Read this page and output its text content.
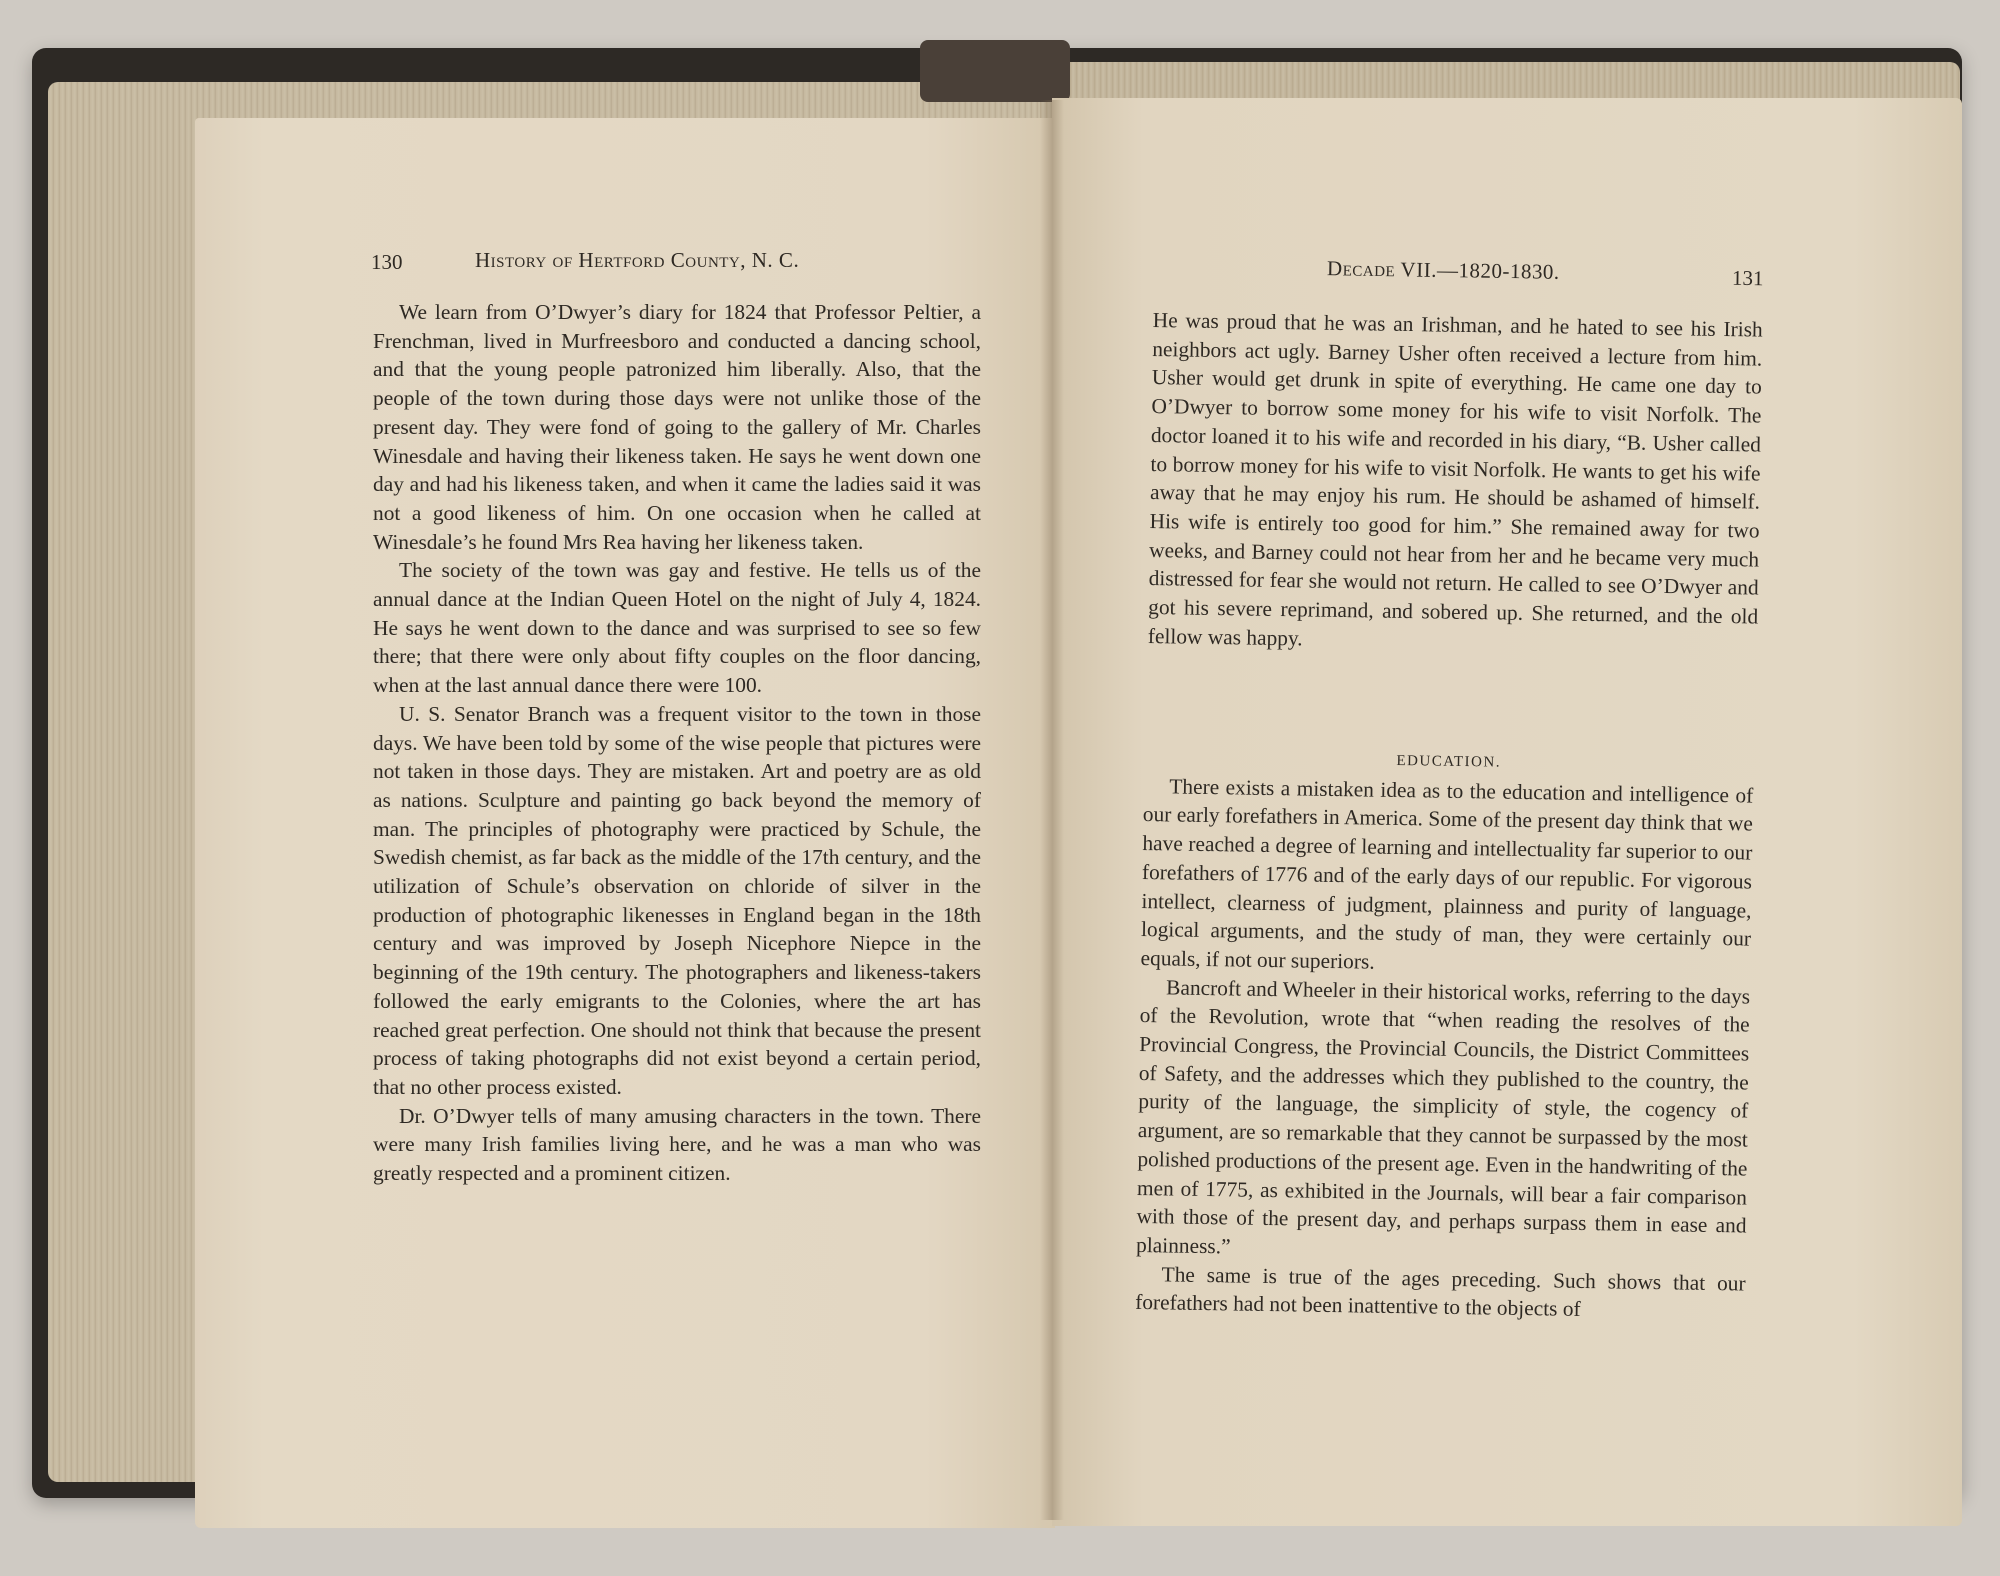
130	History of Hertford County, N. C.

We learn from O’Dwyer’s diary for 1824 that Professor Peltier, a Frenchman, lived in Murfreesboro and conducted a dancing school, and that the young people patronized him liberally. Also, that the people of the town during those days were not unlike those of the present day. They were fond of going to the gallery of Mr. Charles Winesdale and having their likeness taken. He says he went down one day and had his likeness taken, and when it came the ladies said it was not a good likeness of him. On one occasion when he called at Winesdale’s he found Mrs Rea having her likeness taken.

The society of the town was gay and festive. He tells us of the annual dance at the Indian Queen Hotel on the night of July 4, 1824. He says he went down to the dance and was surprised to see so few there; that there were only about fifty couples on the floor dancing, when at the last annual dance there were 100.

U. S. Senator Branch was a frequent visitor to the town in those days. We have been told by some of the wise people that pictures were not taken in those days. They are mistaken. Art and poetry are as old as nations. Sculpture and painting go back beyond the memory of man. The principles of photography were practiced by Schule, the Swedish chemist, as far back as the middle of the 17th century, and the utilization of Schule’s observation on chloride of silver in the production of photographic likenesses in England began in the 18th century and was improved by Joseph Nicephore Niepce in the beginning of the 19th century. The photographers and likeness-takers followed the early emigrants to the Colonies, where the art has reached great perfection. One should not think that because the present process of taking photographs did not exist beyond a certain period, that no other process existed.

Dr. O’Dwyer tells of many amusing characters in the town. There were many Irish families living here, and he was a man who was greatly respected and a prominent citizen.

Decade VII.—1820-1830.	131

He was proud that he was an Irishman, and he hated to see his Irish neighbors act ugly. Barney Usher often received a lecture from him. Usher would get drunk in spite of everything. He came one day to O’Dwyer to borrow some money for his wife to visit Norfolk. The doctor loaned it to his wife and recorded in his diary, “B. Usher called to borrow money for his wife to visit Norfolk. He wants to get his wife away that he may enjoy his rum. He should be ashamed of himself. His wife is entirely too good for him.” She remained away for two weeks, and Barney could not hear from her and he became very much distressed for fear she would not return. He called to see O’Dwyer and got his severe reprimand, and sobered up. She returned, and the old fellow was happy.

EDUCATION.

There exists a mistaken idea as to the education and intelligence of our early forefathers in America. Some of the present day think that we have reached a degree of learning and intellectuality far superior to our forefathers of 1776 and of the early days of our republic. For vigorous intellect, clearness of judgment, plainness and purity of language, logical arguments, and the study of man, they were certainly our equals, if not our superiors.

Bancroft and Wheeler in their historical works, referring to the days of the Revolution, wrote that “when reading the resolves of the Provincial Congress, the Provincial Councils, the District Committees of Safety, and the addresses which they published to the country, the purity of the language, the simplicity of style, the cogency of argument, are so remarkable that they cannot be surpassed by the most polished productions of the present age. Even in the handwriting of the men of 1775, as exhibited in the Journals, will bear a fair comparison with those of the present day, and perhaps surpass them in ease and plainness.”

The same is true of the ages preceding. Such shows that our forefathers had not been inattentive to the objects of
